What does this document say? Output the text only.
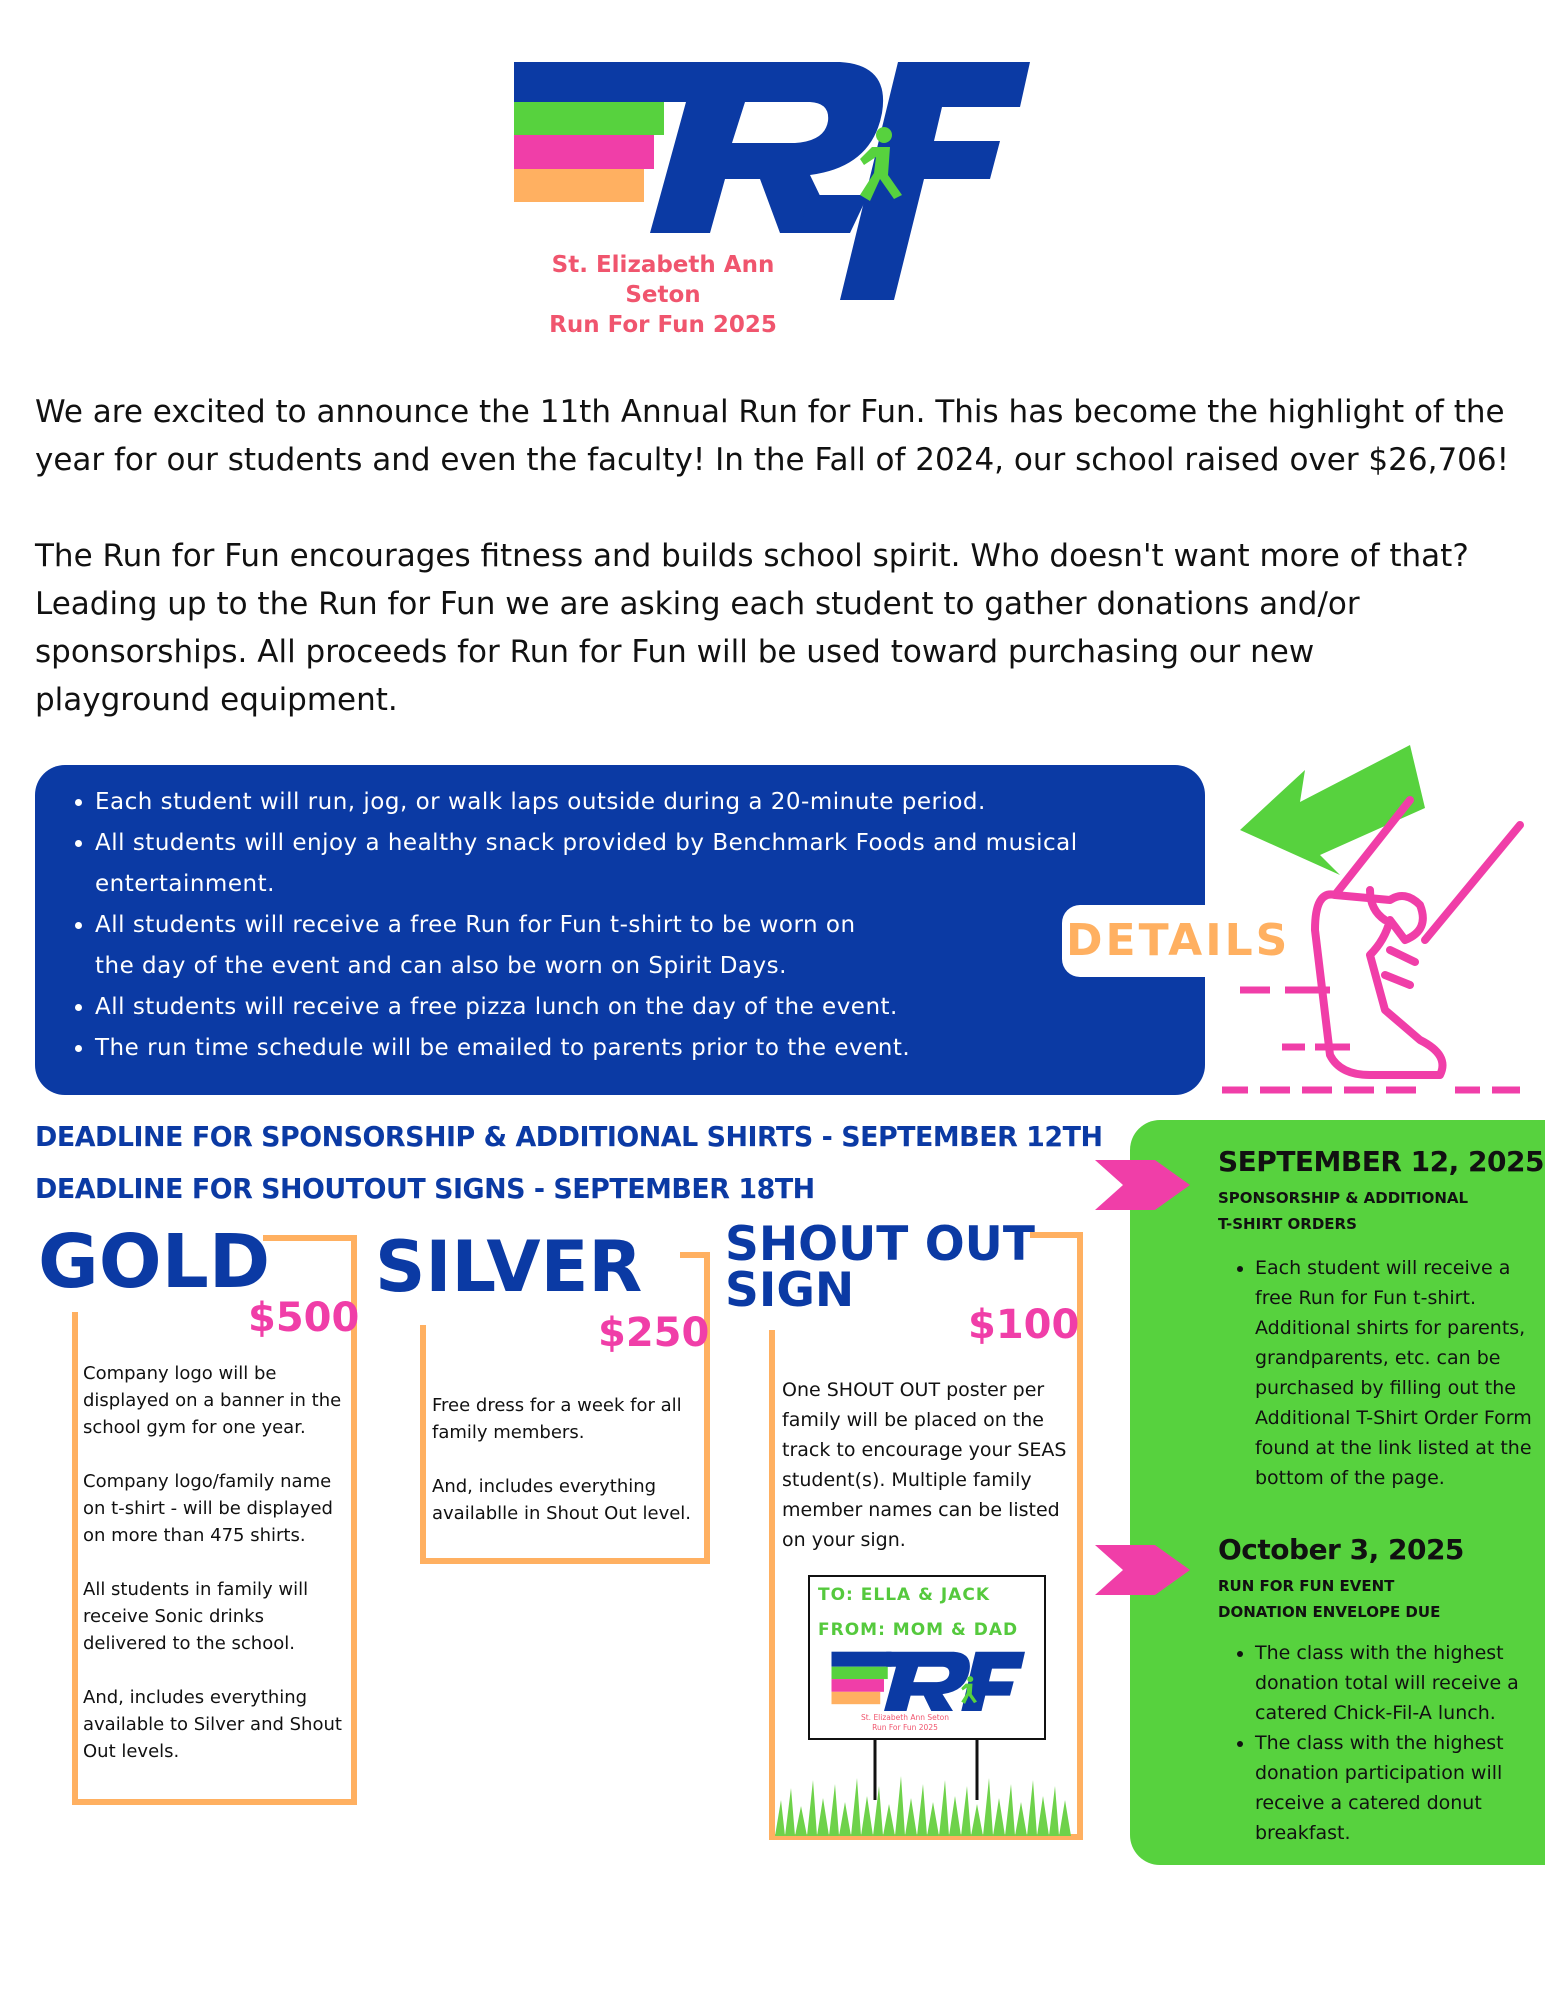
St. Elizabeth Ann Seton
Run For Fun 2025
We are excited to announce the 11th Annual Run for Fun. This has become the highlight of the
year for our students and even the faculty! In the Fall of 2024, our school raised over $26,706!
The Run for Fun encourages fitness and builds school spirit. Who doesn't want more of that?
Leading up to the Run for Fun we are asking each student to gather donations and/or
sponsorships. All proceeds for Run for Fun will be used toward purchasing our new
playground equipment.
• Each student will run, jog, or walk laps outside during a 20-minute period.
• All students will enjoy a healthy snack provided by Benchmark Foods and musical
entertainment.
• All students will receive a free Run for Fun t-shirt to be worn on
the day of the event and can also be worn on Spirit Days.
• All students will receive a free pizza lunch on the day of the event.
• The run time schedule will be emailed to parents prior to the event.
DETAILS
DEADLINE FOR SPONSORSHIP & ADDITIONAL SHIRTS - SEPTEMBER 12TH
DEADLINE FOR SHOUTOUT SIGNS - SEPTEMBER 18TH
GOLD
$500

Company logo will be displayed on a banner in the school gym for one year.

Company logo/family name on t-shirt - will be displayed on more than 475 shirts.

All students in family will receive Sonic drinks delivered to the school.

And, includes everything available to Silver and Shout Out levels.

SILVER
$250

Free dress for a week for all family members.

And, includes everything availablle in Shout Out level.

SHOUT OUT
SIGN
$100

One SHOUT OUT poster per family will be placed on the track to encourage your SEAS student(s). Multiple family member names can be listed on your sign.

TO: ELLA & JACK
FROM: MOM & DAD
St. Elizabeth Ann Seton
Run For Fun 2025
SEPTEMBER 12, 2025
SPONSORSHIP & ADDITIONAL
T-SHIRT ORDERS
• Each student will receive a free Run for Fun t-shirt. Additional shirts for parents, grandparents, etc. can be purchased by filling out the Additional T-Shirt Order Form found at the link listed at the bottom of the page.
October 3, 2025
RUN FOR FUN EVENT
DONATION ENVELOPE DUE
• The class with the highest donation total will receive a catered Chick-Fil-A lunch.
• The class with the highest donation participation will receive a catered donut breakfast.
